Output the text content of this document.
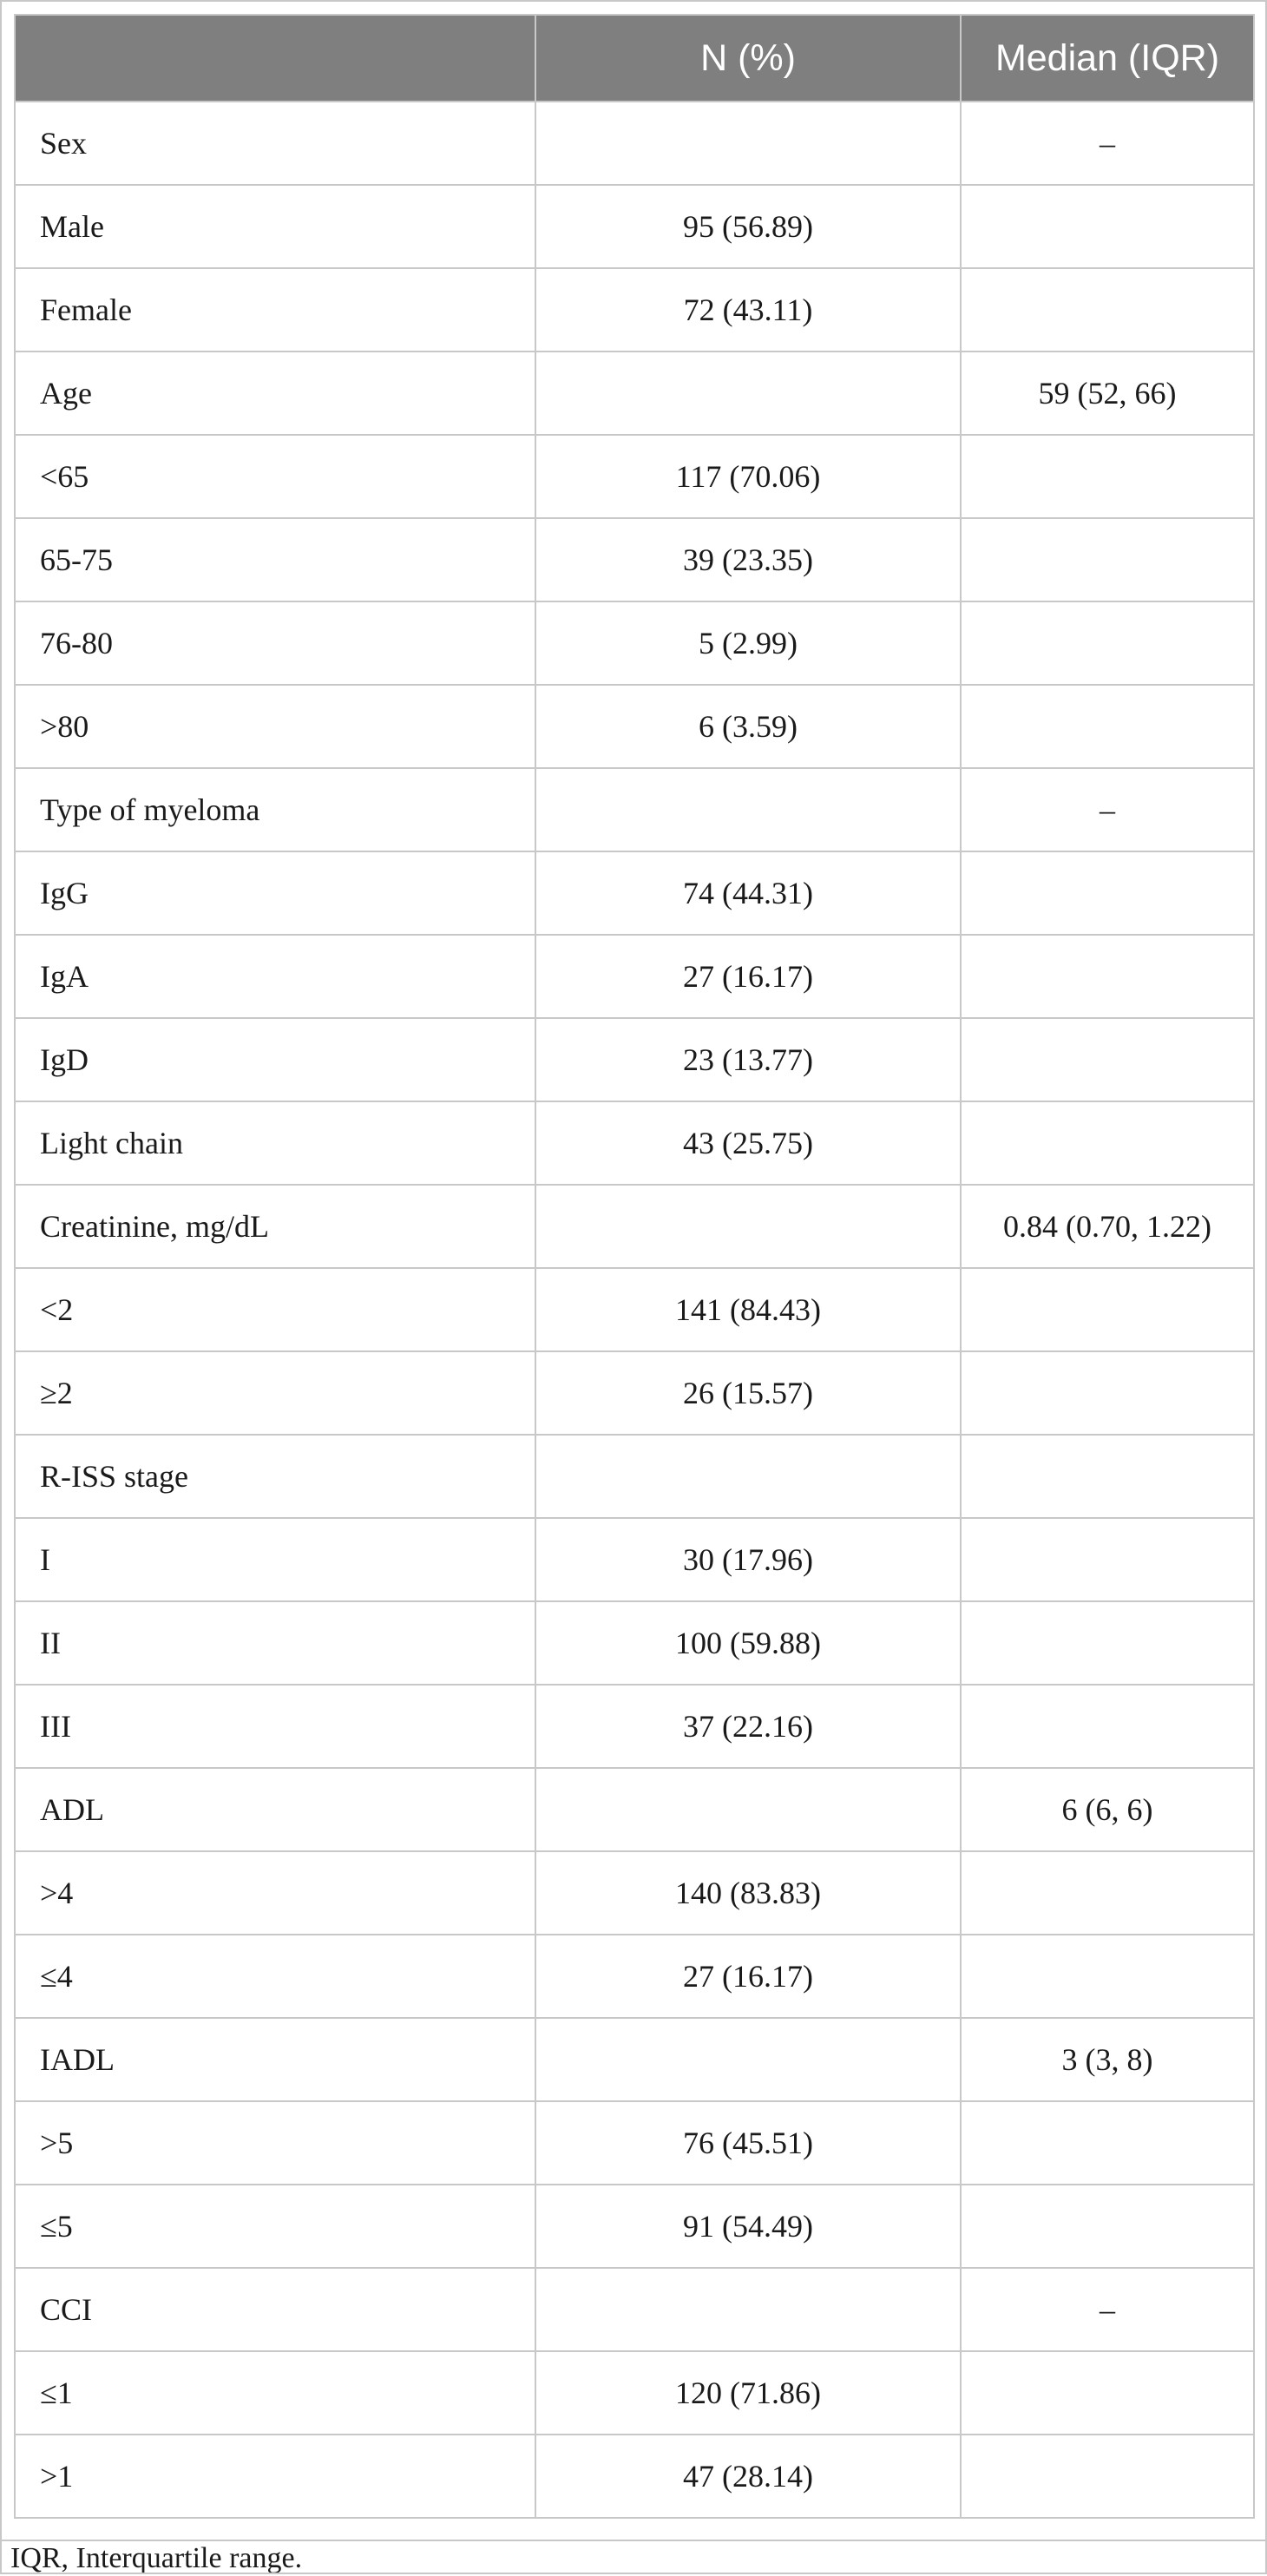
	N (%)	Median (IQR)
Sex		–
Male	95 (56.89)	
Female	72 (43.11)	
Age		59 (52, 66)
<65	117 (70.06)	
65-75	39 (23.35)	
76-80	5 (2.99)	
>80	6 (3.59)	
Type of myeloma		–
IgG	74 (44.31)	
IgA	27 (16.17)	
IgD	23 (13.77)	
Light chain	43 (25.75)	
Creatinine, mg/dL		0.84 (0.70, 1.22)
<2	141 (84.43)	
≥2	26 (15.57)	
R-ISS stage		
I	30 (17.96)	
II	100 (59.88)	
III	37 (22.16)	
ADL		6 (6, 6)
>4	140 (83.83)	
≤4	27 (16.17)	
IADL		3 (3, 8)
>5	76 (45.51)	
≤5	91 (54.49)	
CCI		–
≤1	120 (71.86)	
>1	47 (28.14)	
IQR, Interquartile range.
